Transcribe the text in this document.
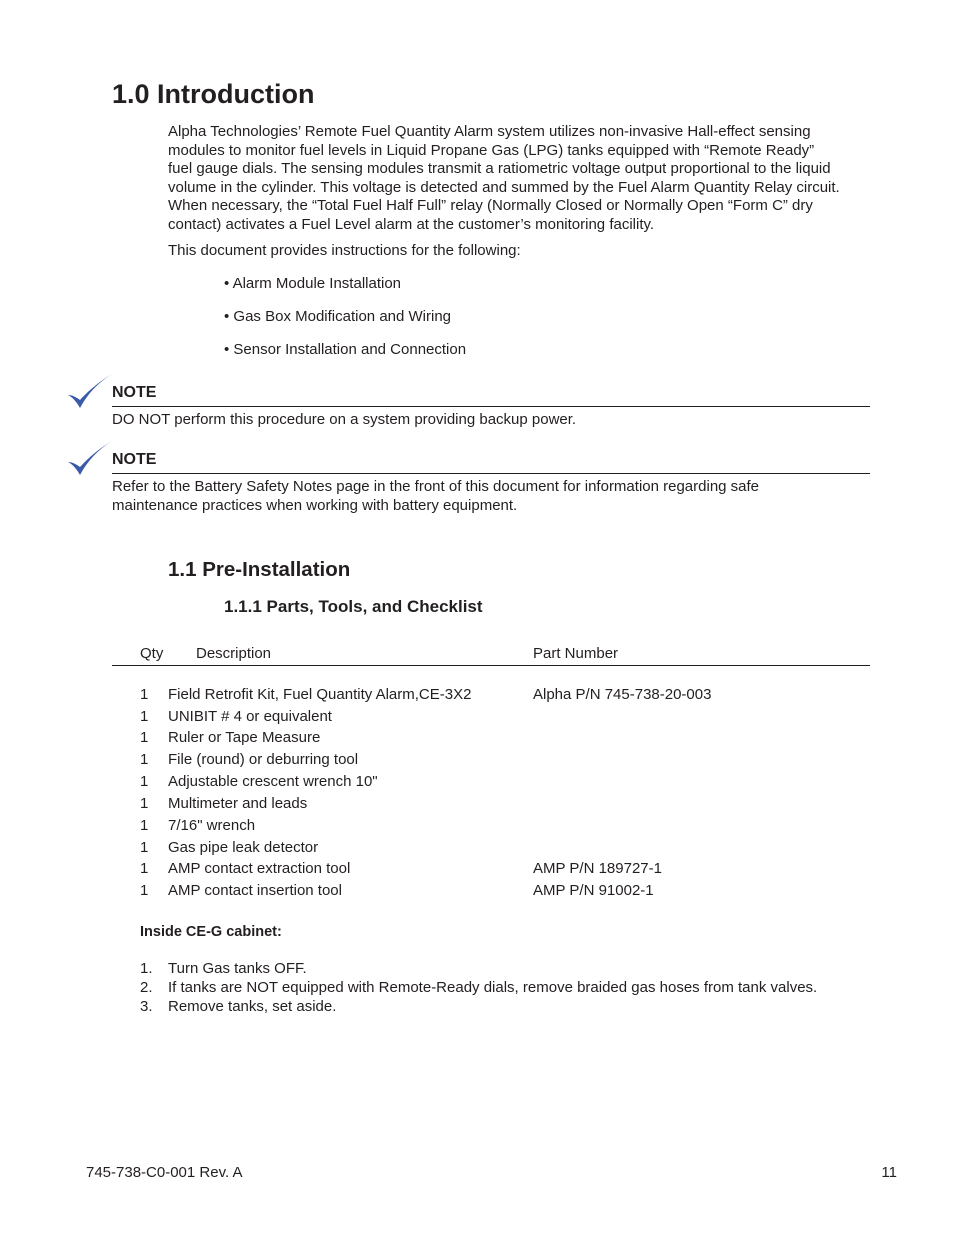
1.0 Introduction
Alpha Technologies’ Remote Fuel Quantity Alarm system utilizes non-invasive Hall-effect sensing
modules to monitor fuel levels in Liquid Propane Gas (LPG) tanks equipped with “Remote Ready”
fuel gauge dials. The sensing modules transmit a ratiometric voltage output proportional to the liquid
volume in the cylinder. This voltage is detected and summed by the Fuel Alarm Quantity Relay circuit.
When necessary, the “Total Fuel Half Full” relay (Normally Closed or Normally Open “Form C” dry
contact) activates a Fuel Level alarm at the customer’s monitoring facility.
This document provides instructions for the following:
• Alarm Module Installation
• Gas Box Modification and Wiring
• Sensor Installation and Connection
NOTE
DO NOT perform this procedure on a system providing backup power.
NOTE
Refer to the Battery Safety Notes page in the front of this document for information regarding safe
maintenance practices when working with battery equipment.
1.1 Pre-Installation
1.1.1 Parts, Tools, and Checklist
Qty Description	Part Number
1 Field Retrofit Kit, Fuel Quantity Alarm,CE-3X2	Alpha P/N 745-738-20-003
1 UNIBIT # 4 or equivalent
1 Ruler or Tape Measure
1 File (round) or deburring tool
1 Adjustable crescent wrench 10"
1 Multimeter and leads
1 7/16" wrench
1 Gas pipe leak detector
1 AMP contact extraction tool	AMP P/N 189727-1
1 AMP contact insertion tool	AMP P/N 91002-1
Inside CE-G cabinet:
1. Turn Gas tanks OFF.
2. If tanks are NOT equipped with Remote-Ready dials, remove braided gas hoses from tank valves.
3. Remove tanks, set aside.
745-738-C0-001 Rev. A	11
